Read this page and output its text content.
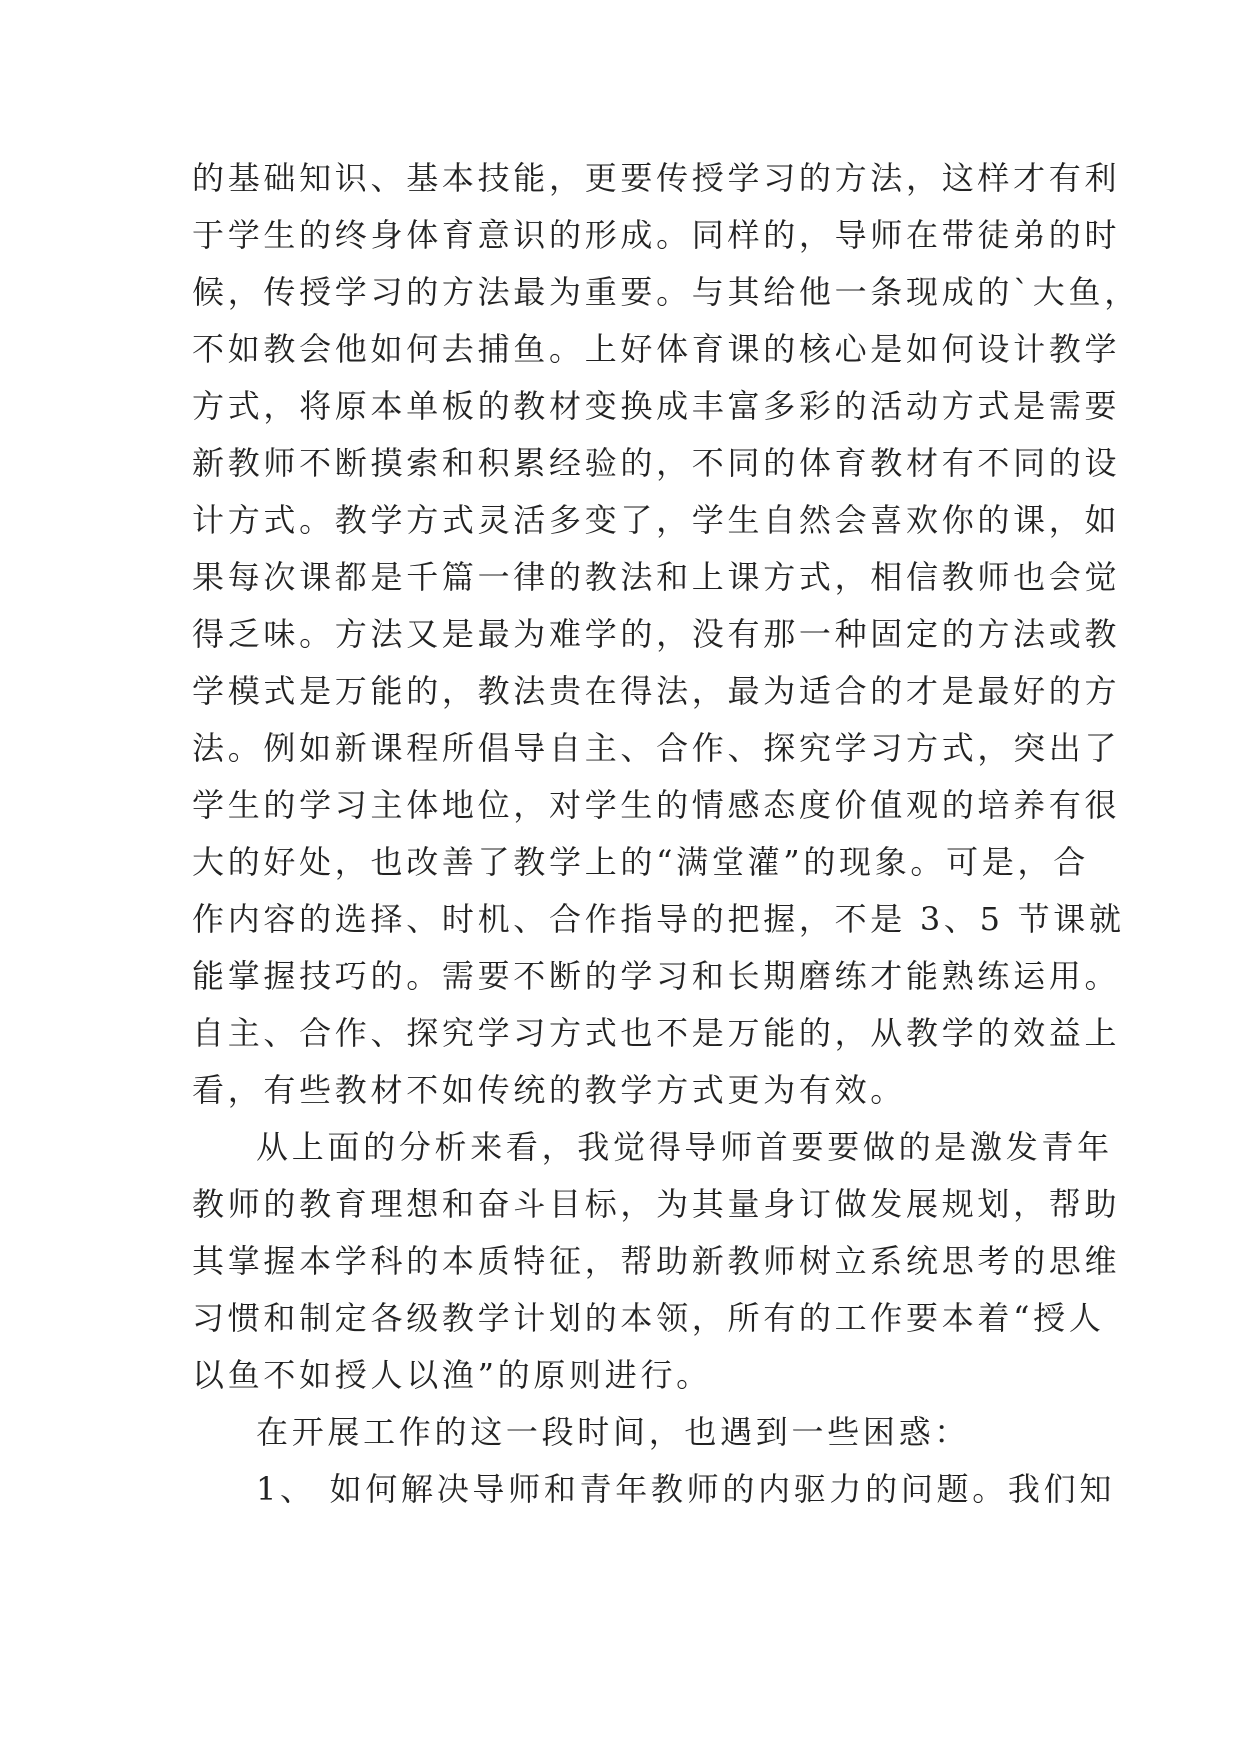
的基础知识、基本技能，更要传授学习的方法，这样才有利
于学生的终身体育意识的形成。同样的，导师在带徒弟的时
候，传授学习的方法最为重要。与其给他一条现成的`大鱼，
不如教会他如何去捕鱼。上好体育课的核心是如何设计教学
方式，将原本单板的教材变换成丰富多彩的活动方式是需要
新教师不断摸索和积累经验的，不同的体育教材有不同的设
计方式。教学方式灵活多变了，学生自然会喜欢你的课，如
果每次课都是千篇一律的教法和上课方式，相信教师也会觉
得乏味。方法又是最为难学的，没有那一种固定的方法或教
学模式是万能的，教法贵在得法，最为适合的才是最好的方
法。例如新课程所倡导自主、合作、探究学习方式，突出了
学生的学习主体地位，对学生的情感态度价值观的培养有很
大的好处，也改善了教学上的“满堂灌”的现象。可是，合
作内容的选择、时机、合作指导的把握，不是 3、5 节课就
能掌握技巧的。需要不断的学习和长期磨练才能熟练运用。
自主、合作、探究学习方式也不是万能的，从教学的效益上
看，有些教材不如传统的教学方式更为有效。
从上面的分析来看，我觉得导师首要要做的是激发青年
教师的教育理想和奋斗目标，为其量身订做发展规划，帮助
其掌握本学科的本质特征，帮助新教师树立系统思考的思维
习惯和制定各级教学计划的本领，所有的工作要本着“授人
以鱼不如授人以渔”的原则进行。
在开展工作的这一段时间，也遇到一些困惑：
1、 如何解决导师和青年教师的内驱力的问题。我们知
